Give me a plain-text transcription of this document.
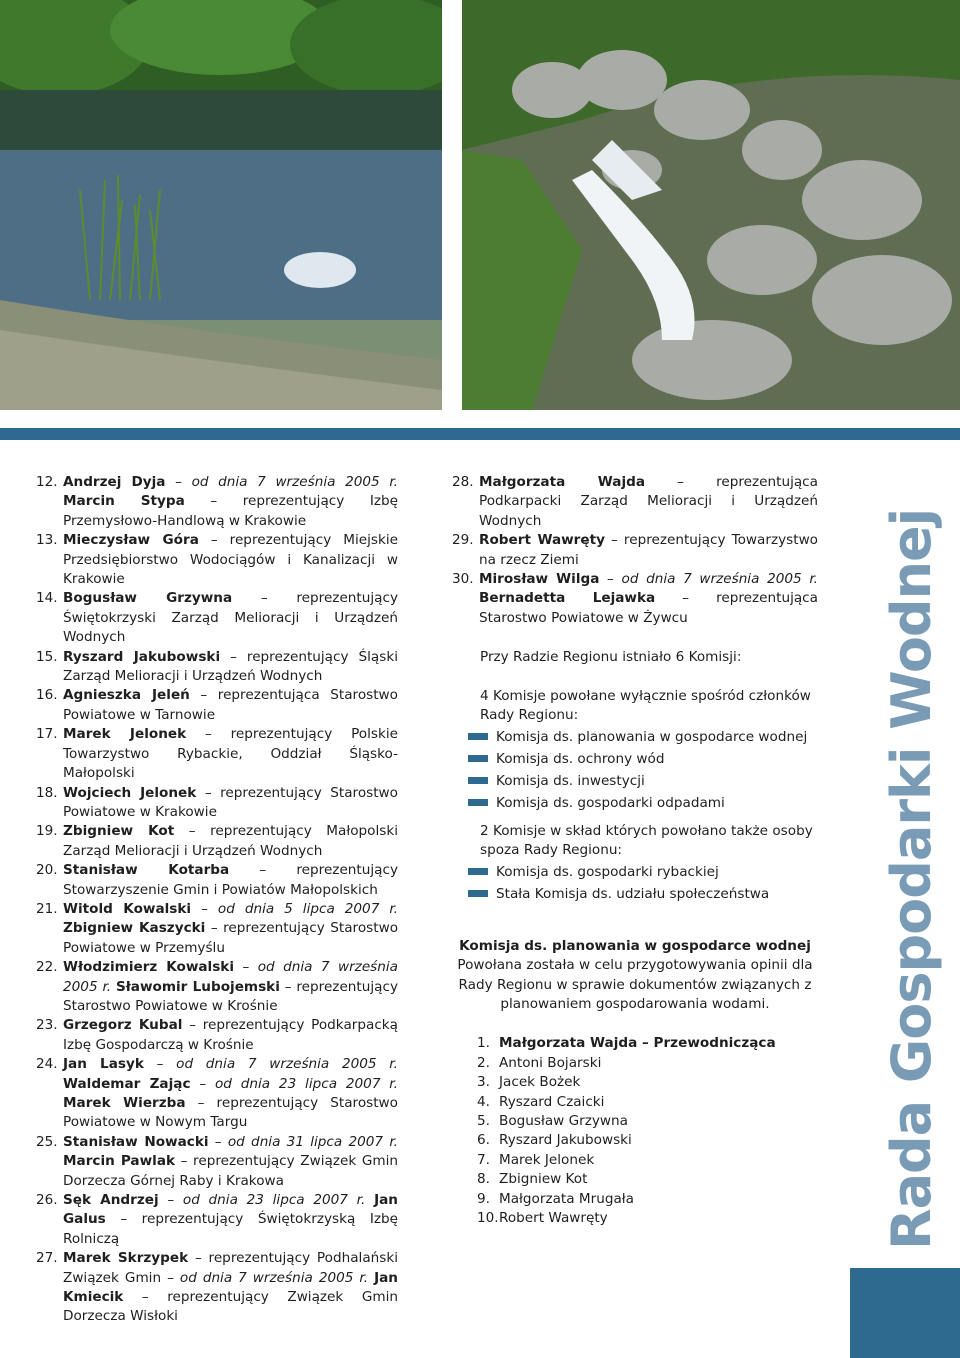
12. Andrzej Dyja – od dnia 7 września 2005 r. Marcin Stypa – reprezentujący Izbę Przemysłowo-Handlową w Krakowie
13. Mieczysław Góra – reprezentujący Miejskie Przedsiębiorstwo Wodociągów i Kanalizacji w Krakowie
14. Bogusław Grzywna – reprezentujący Świętokrzyski Zarząd Melioracji i Urządzeń Wodnych
15. Ryszard Jakubowski – reprezentujący Śląski Zarząd Melioracji i Urządzeń Wodnych
16. Agnieszka Jeleń – reprezentująca Starostwo Powiatowe w Tarnowie
17. Marek Jelonek – reprezentujący Polskie Towarzystwo Rybackie, Oddział Śląsko-Małopolski
18. Wojciech Jelonek – reprezentujący Starostwo Powiatowe w Krakowie
19. Zbigniew Kot – reprezentujący Małopolski Zarząd Melioracji i Urządzeń Wodnych
20. Stanisław Kotarba – reprezentujący Stowarzyszenie Gmin i Powiatów Małopolskich
21. Witold Kowalski – od dnia 5 lipca 2007 r. Zbigniew Kaszycki – reprezentujący Starostwo Powiatowe w Przemyślu
22. Włodzimierz Kowalski – od dnia 7 września 2005 r. Sławomir Lubojemski – reprezentujący Starostwo Powiatowe w Krośnie
23. Grzegorz Kubal – reprezentujący Podkarpacką Izbę Gospodarczą w Krośnie
24. Jan Lasyk – od dnia 7 września 2005 r. Waldemar Zając – od dnia 23 lipca 2007 r. Marek Wierzba – reprezentujący Starostwo Powiatowe w Nowym Targu
25. Stanisław Nowacki – od dnia 31 lipca 2007 r. Marcin Pawlak – reprezentujący Związek Gmin Dorzecza Górnej Raby i Krakowa
26. Sęk Andrzej – od dnia 23 lipca 2007 r. Jan Galus – reprezentujący Świętokrzyską Izbę Rolniczą
27. Marek Skrzypek – reprezentujący Podhalański Związek Gmin – od dnia 7 września 2005 r. Jan Kmiecik – reprezentujący Związek Gmin Dorzecza Wisłoki
28. Małgorzata Wajda – reprezentująca Podkarpacki Zarząd Melioracji i Urządzeń Wodnych
29. Robert Wawręty – reprezentujący Towarzystwo na rzecz Ziemi
30. Mirosław Wilga – od dnia 7 września 2005 r. Bernadetta Lejawka – reprezentująca Starostwo Powiatowe w Żywcu

Przy Radzie Regionu istniało 6 Komisji:

4 Komisje powołane wyłącznie spośród członków Rady Regionu:

Komisja ds. planowania w gospodarce wodnej
Komisja ds. ochrony wód
Komisja ds. inwestycji
Komisja ds. gospodarki odpadami

2 Komisje w skład których powołano także osoby spoza Rady Regionu:

Komisja ds. gospodarki rybackiej
Stała Komisja ds. udziału społeczeństwa

Komisja ds. planowania w gospodarce wodnej

Powołana została w celu przygotowywania opinii dla Rady Regionu w sprawie dokumentów związanych z planowaniem gospodarowania wodami.

1. Małgorzata Wajda – Przewodnicząca
2. Antoni Bojarski
3. Jacek Bożek
4. Ryszard Czaicki
5. Bogusław Grzywna
6. Ryszard Jakubowski
7. Marek Jelonek
8. Zbigniew Kot
9. Małgorzata Mrugała
10. Robert Wawręty	Rada Gospodarki Wodnej
